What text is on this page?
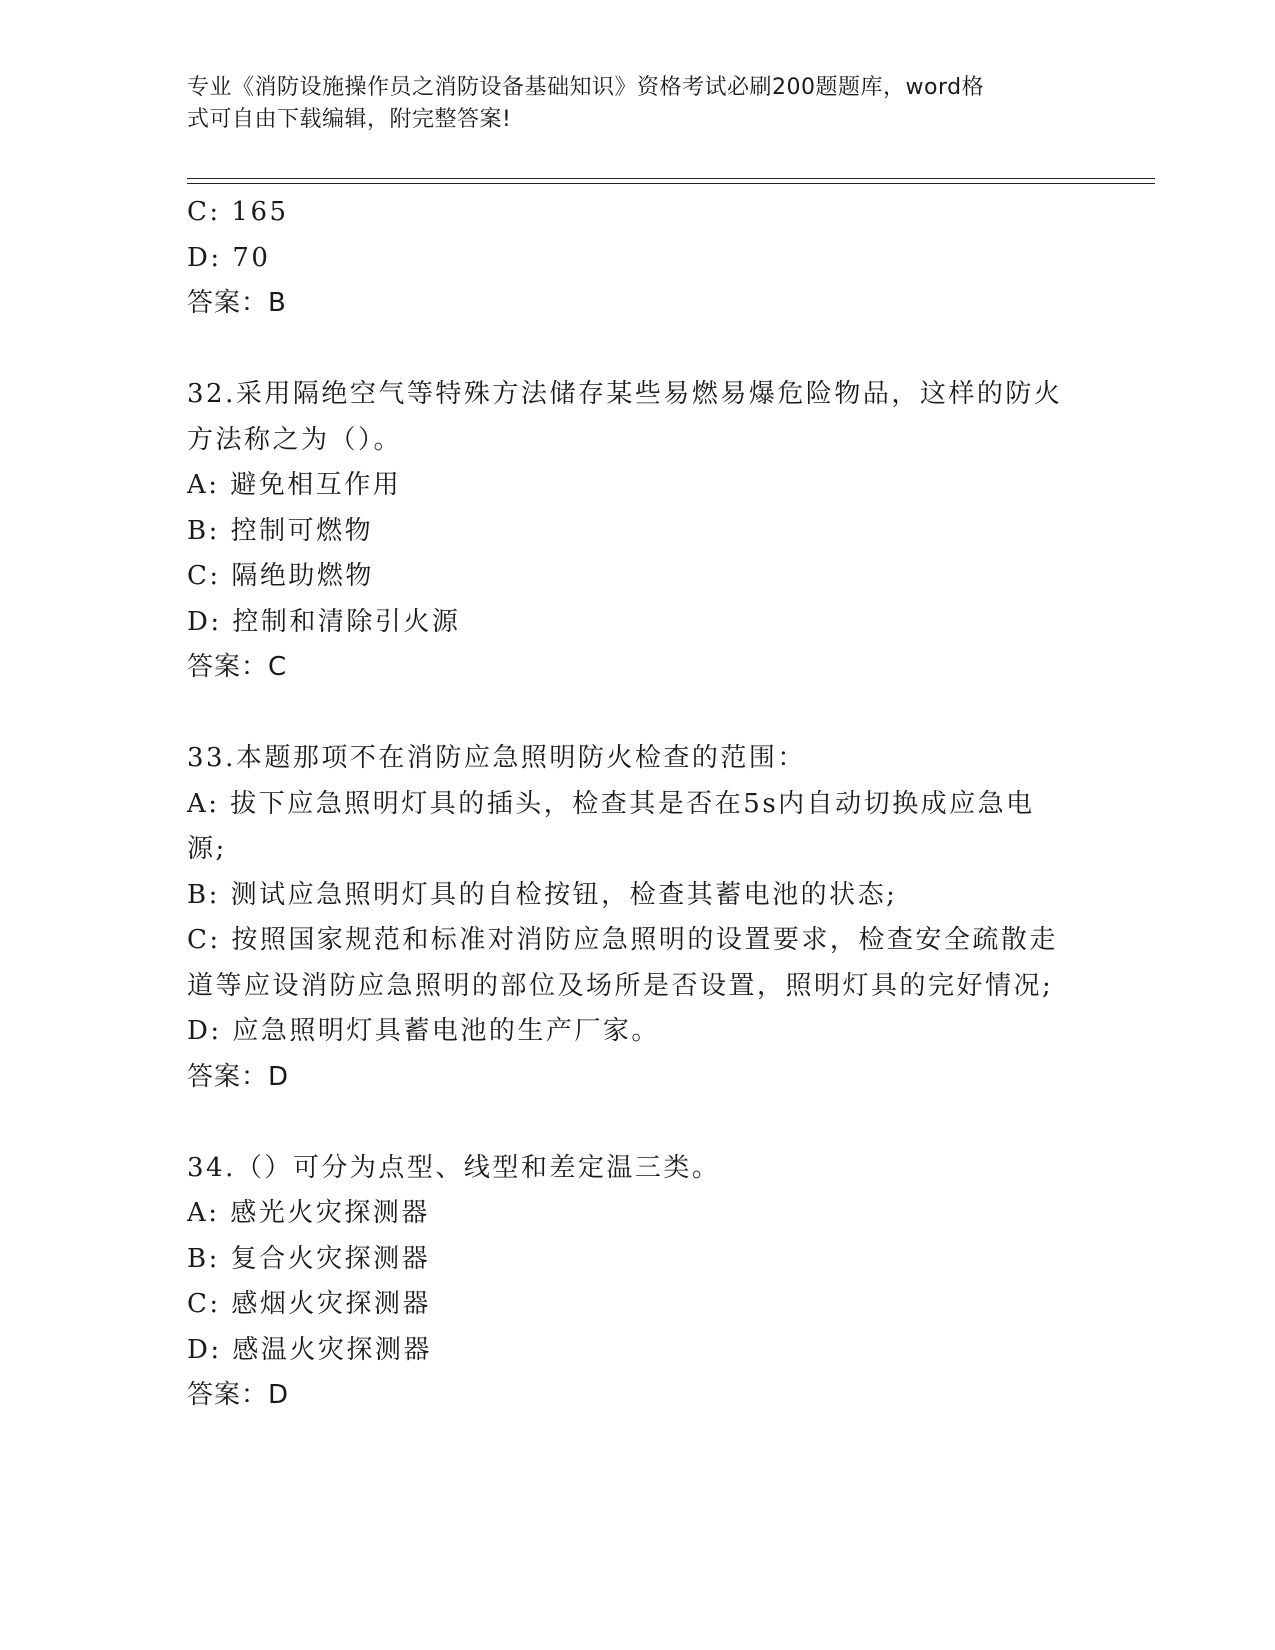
专业《消防设施操作员之消防设备基础知识》资格考试必刷200题题库，word格
式可自由下载编辑，附完整答案!
C: 165
D: 70
答案：B
32.采用隔绝空气等特殊方法储存某些易燃易爆危险物品，这样的防火
方法称之为（）。
A: 避免相互作用
B: 控制可燃物
C: 隔绝助燃物
D: 控制和清除引火源
答案：C
33.本题那项不在消防应急照明防火检查的范围：
A: 拔下应急照明灯具的插头，检查其是否在5s内自动切换成应急电
源;
B: 测试应急照明灯具的自检按钮，检查其蓄电池的状态;
C: 按照国家规范和标准对消防应急照明的设置要求，检查安全疏散走
道等应设消防应急照明的部位及场所是否设置，照明灯具的完好情况;
D: 应急照明灯具蓄电池的生产厂家。
答案：D
34.（）可分为点型、线型和差定温三类。
A: 感光火灾探测器
B: 复合火灾探测器
C: 感烟火灾探测器
D: 感温火灾探测器
答案：D
